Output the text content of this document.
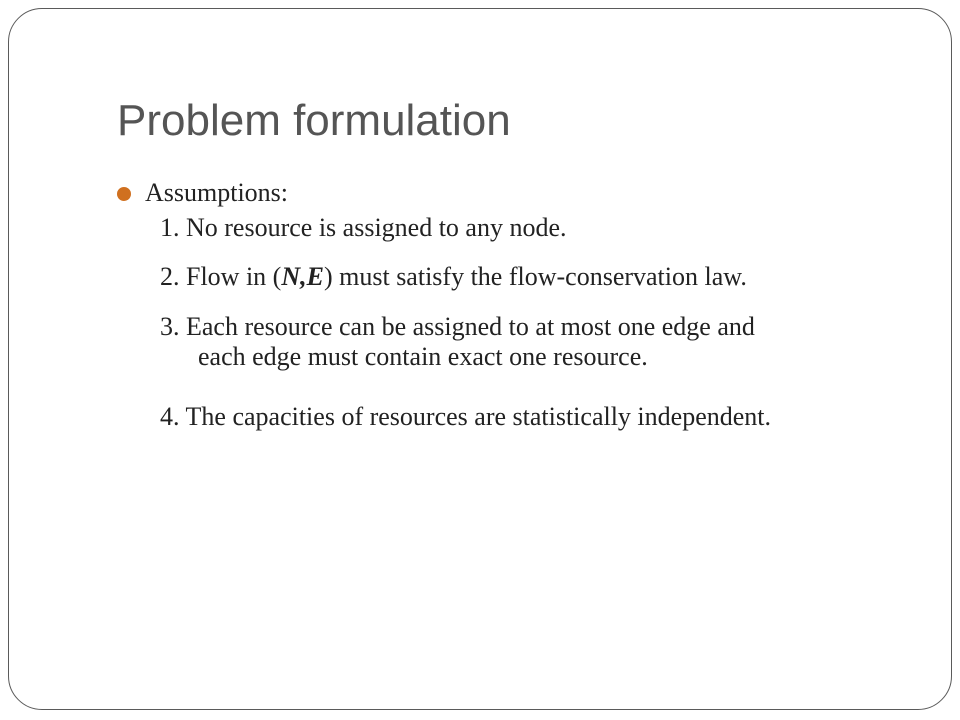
Problem formulation
Assumptions:
1. No resource is assigned to any node.
2. Flow in (N,E) must satisfy the flow-conservation law.
3. Each resource can be assigned to at most one edge and
each edge must contain exact one resource.
4. The capacities of resources are statistically independent.
